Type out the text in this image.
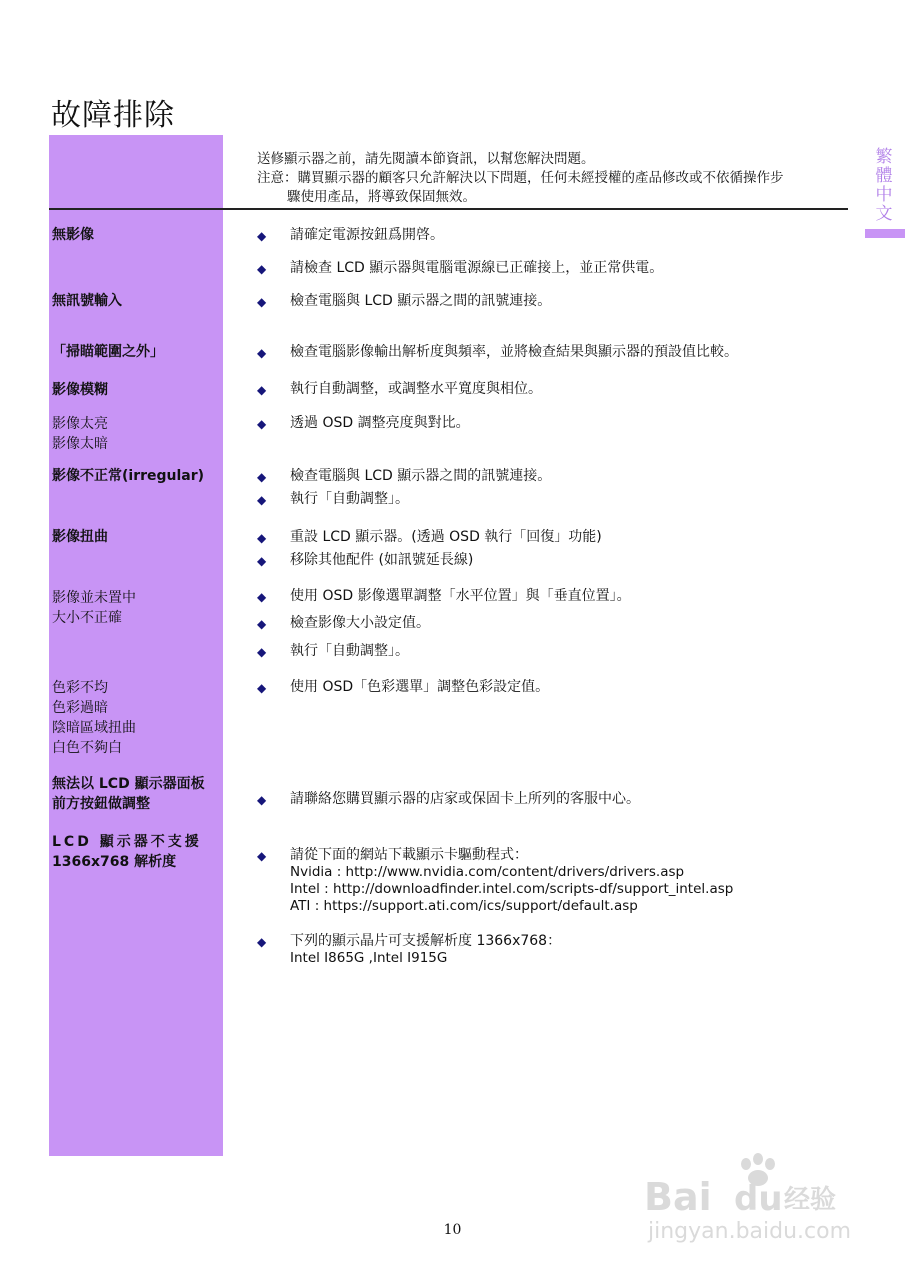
故障排除
送修顯示器之前，請先閱讀本節資訊，以幫您解決問題。
注意：購買顯示器的顧客只允許解決以下問題，任何未經授權的產品修改或不依循操作步
驟使用產品，將導致保固無效。
繁體中文
無影像	◆	請確定電源按鈕爲開啓。
◆	請檢查 LCD 顯示器與電腦電源線已正確接上，並正常供電。
無訊號輸入	◆	檢查電腦與 LCD 顯示器之間的訊號連接。
「掃瞄範圍之外」	◆	檢查電腦影像輸出解析度與頻率，並將檢查結果與顯示器的預設值比較。
影像模糊	◆	執行自動調整，或調整水平寬度與相位。
影像太亮
影像太暗
◆	透過 OSD 調整亮度與對比。
影像不正常(irregular)	◆	檢查電腦與 LCD 顯示器之間的訊號連接。
◆	執行「自動調整」。
影像扭曲	◆	重設 LCD 顯示器。(透過 OSD 執行「回復」功能)
◆	移除其他配件 (如訊號延長線)
影像並未置中
大小不正確
◆	使用 OSD 影像選單調整「水平位置」與「垂直位置」。
◆	檢查影像大小設定值。
◆	執行「自動調整」。
色彩不均
色彩過暗
陰暗區域扭曲
白色不夠白
◆	使用 OSD「色彩選單」調整色彩設定值。
無法以 LCD 顯示器面板
前方按鈕做調整	◆	請聯絡您購買顯示器的店家或保固卡上所列的客服中心。
LCD 顯示器不支援
1366x768 解析度	◆	請從下面的網站下載顯示卡驅動程式：
Nvidia : http://www.nvidia.com/content/drivers/drivers.asp
Intel : http://downloadfinder.intel.com/scripts-df/support_intel.asp
ATI : https://support.ati.com/ics/support/default.asp
◆	下列的顯示晶片可支援解析度 1366x768：
Intel I865G ,Intel I915G
10
Bai du 经验
jingyan.baidu.com
